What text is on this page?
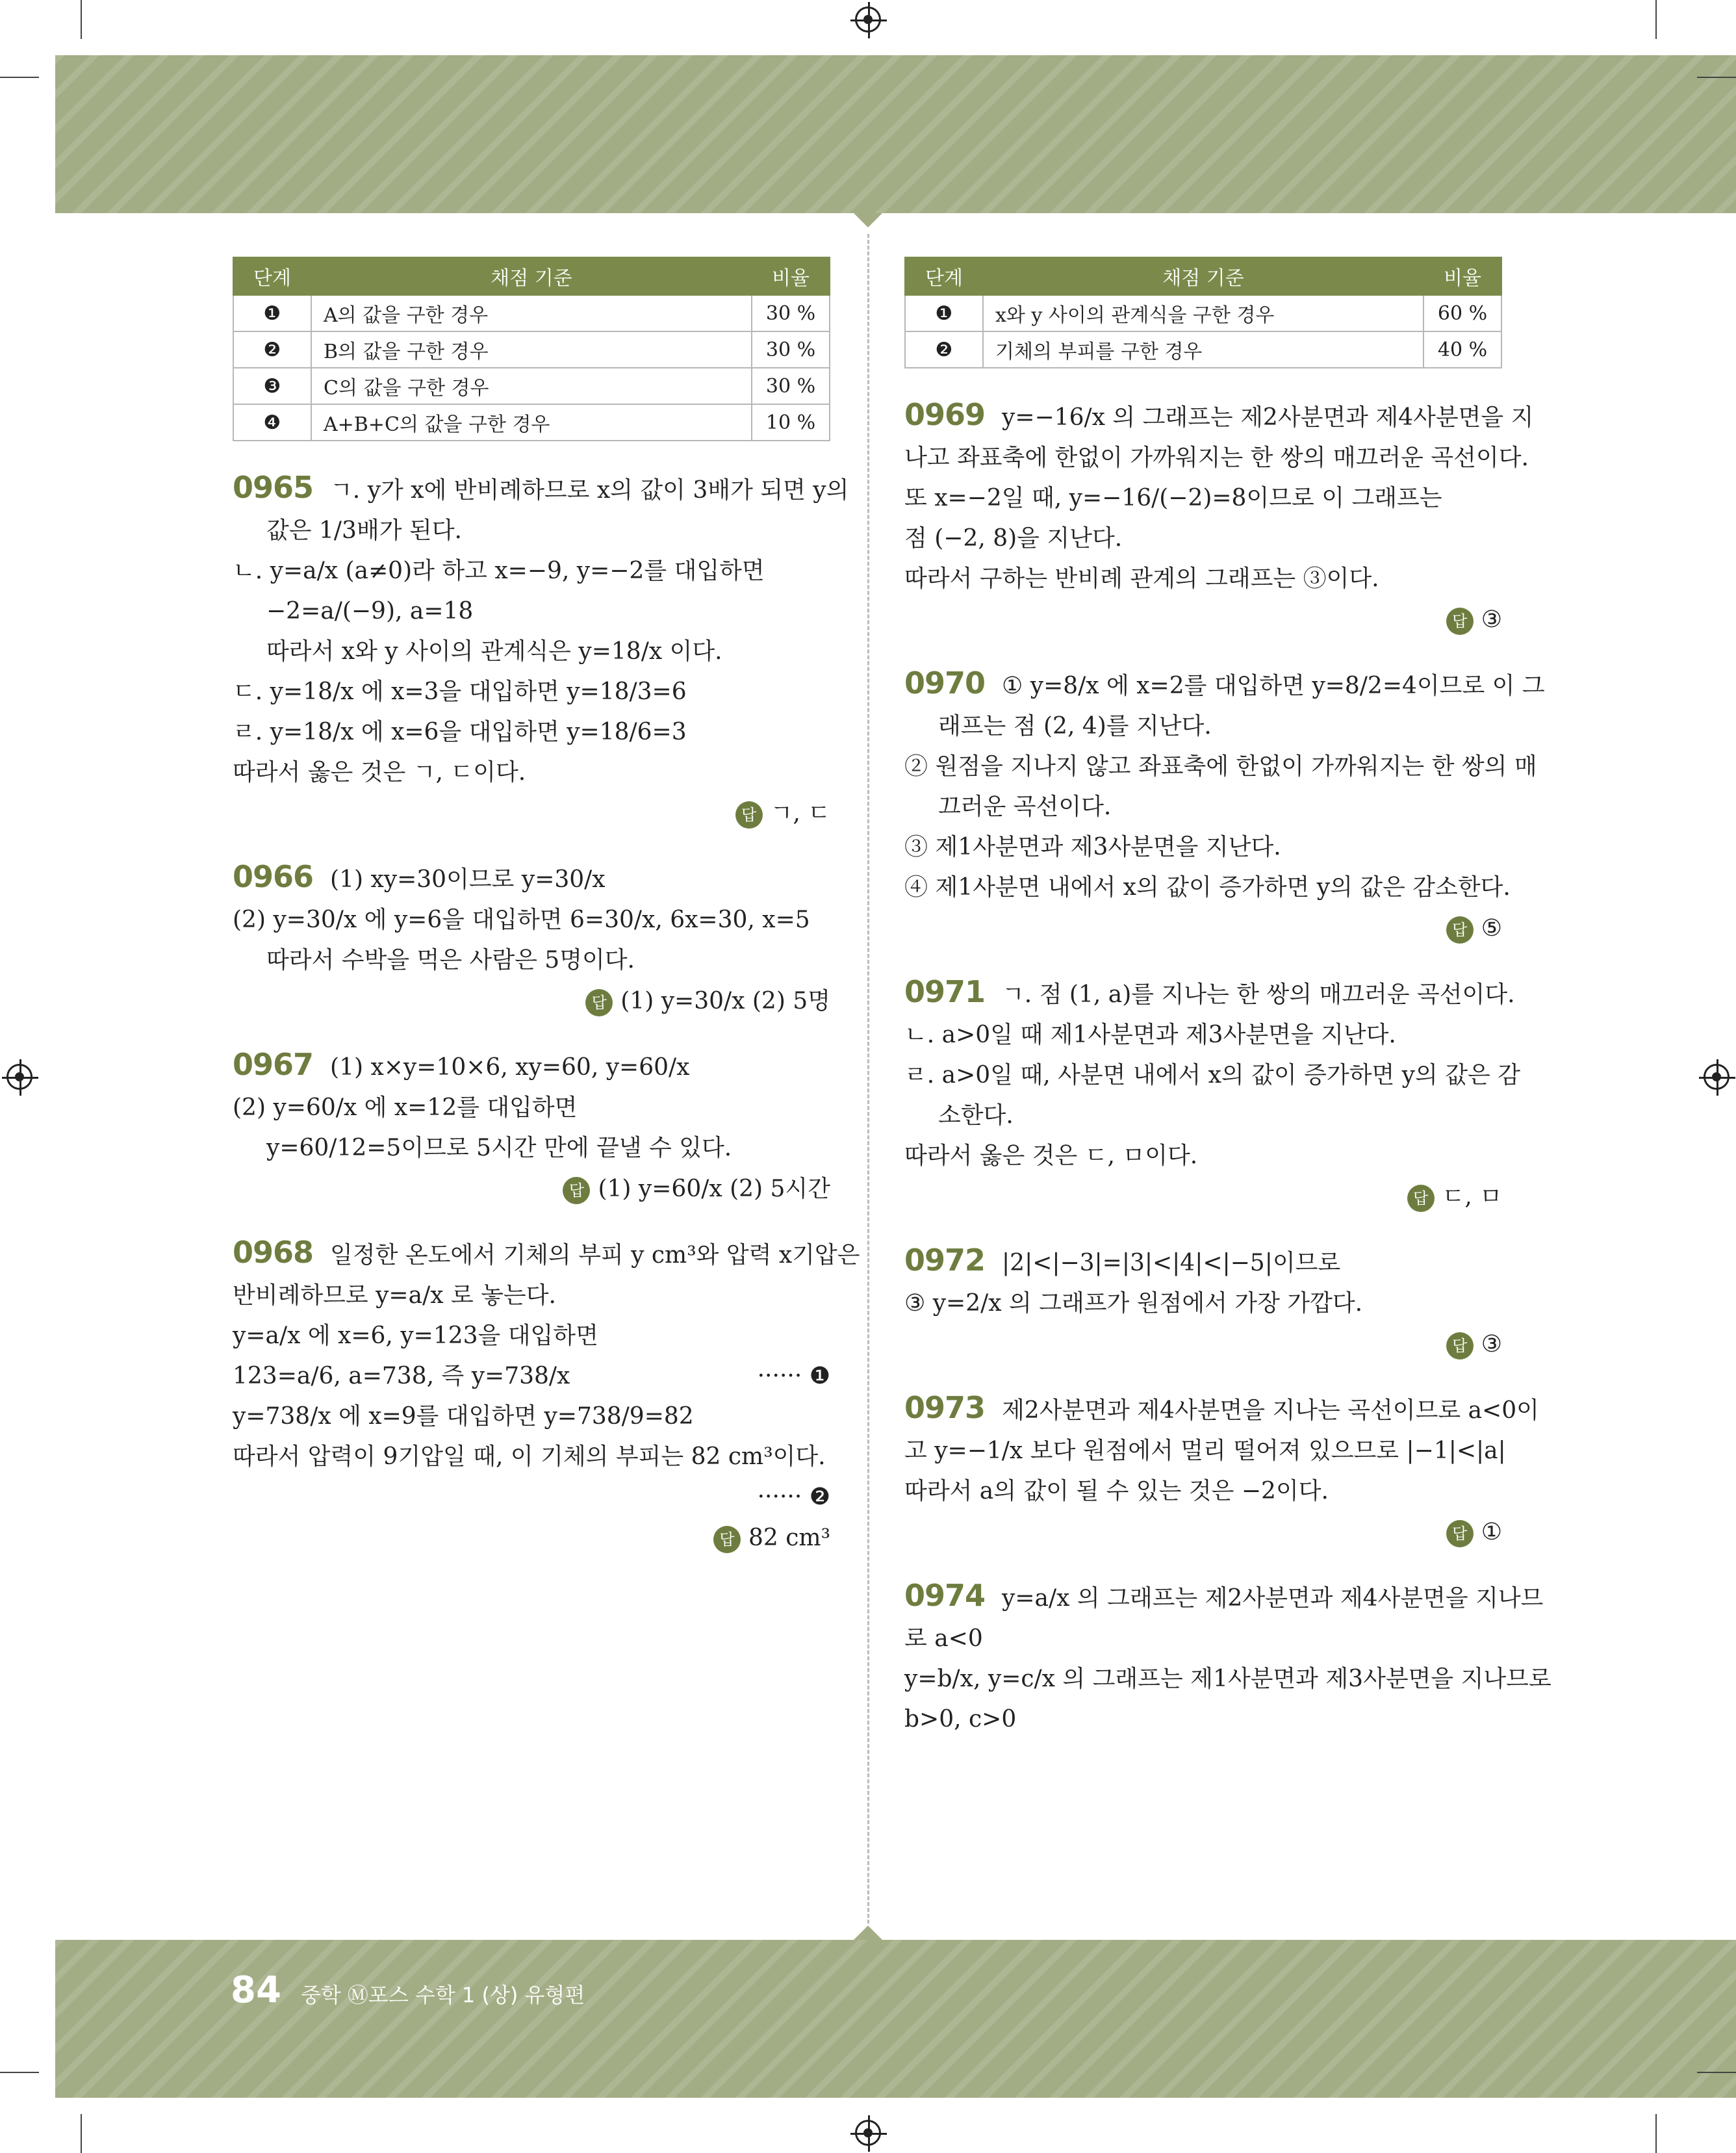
단계	채점 기준	비율
❶	A의 값을 구한 경우	30 %
❷	B의 값을 구한 경우	30 %
❸	C의 값을 구한 경우	30 %
❹	A+B+C의 값을 구한 경우	10 %
0965 ㄱ. y가 x에 반비례하므로 x의 값이 3배가 되면 y의
값은 1/3배가 된다.
ㄴ. y=a/x (a≠0)라 하고 x=−9, y=−2를 대입하면
−2=a/(−9), a=18
따라서 x와 y 사이의 관계식은 y=18/x 이다.
ㄷ. y=18/x 에 x=3을 대입하면 y=18/3=6
ㄹ. y=18/x 에 x=6을 대입하면 y=18/6=3
따라서 옳은 것은 ㄱ, ㄷ이다.
답 ㄱ, ㄷ
0966 (1) xy=30이므로 y=30/x
(2) y=30/x 에 y=6을 대입하면 6=30/x, 6x=30, x=5
따라서 수박을 먹은 사람은 5명이다.
답 (1) y=30/x (2) 5명
0967 (1) x×y=10×6, xy=60, y=60/x
(2) y=60/x 에 x=12를 대입하면
y=60/12=5이므로 5시간 만에 끝낼 수 있다.
답 (1) y=60/x (2) 5시간
0968 일정한 온도에서 기체의 부피 y cm³와 압력 x기압은
반비례하므로 y=a/x 로 놓는다.
y=a/x 에 x=6, y=123을 대입하면
123=a/6, a=738, 즉 y=738/x	······ ❶
y=738/x 에 x=9를 대입하면 y=738/9=82
따라서 압력이 9기압일 때, 이 기체의 부피는 82 cm³이다.
······ ❷
답 82 cm³
단계	채점 기준	비율
❶	x와 y 사이의 관계식을 구한 경우	60 %
❷	기체의 부피를 구한 경우	40 %
0969 y=−16/x 의 그래프는 제2사분면과 제4사분면을 지
나고 좌표축에 한없이 가까워지는 한 쌍의 매끄러운 곡선이다.
또 x=−2일 때, y=−16/(−2)=8이므로 이 그래프는
점 (−2, 8)을 지난다.
따라서 구하는 반비례 관계의 그래프는 ③이다.
답 ③
0970 ① y=8/x 에 x=2를 대입하면 y=8/2=4이므로 이 그
래프는 점 (2, 4)를 지난다.
② 원점을 지나지 않고 좌표축에 한없이 가까워지는 한 쌍의 매
끄러운 곡선이다.
③ 제1사분면과 제3사분면을 지난다.
④ 제1사분면 내에서 x의 값이 증가하면 y의 값은 감소한다.
답 ⑤
0971 ㄱ. 점 (1, a)를 지나는 한 쌍의 매끄러운 곡선이다.
ㄴ. a>0일 때 제1사분면과 제3사분면을 지난다.
ㄹ. a>0일 때, 사분면 내에서 x의 값이 증가하면 y의 값은 감
소한다.
따라서 옳은 것은 ㄷ, ㅁ이다.
답 ㄷ, ㅁ
0972 |2|<|−3|=|3|<|4|<|−5|이므로
③ y=2/x 의 그래프가 원점에서 가장 가깝다.
답 ③
0973 제2사분면과 제4사분면을 지나는 곡선이므로 a<0이
고 y=−1/x 보다 원점에서 멀리 떨어져 있으므로 |−1|<|a|
따라서 a의 값이 될 수 있는 것은 −2이다.
답 ①
0974 y=a/x 의 그래프는 제2사분면과 제4사분면을 지나므
로 a<0
y=b/x, y=c/x 의 그래프는 제1사분면과 제3사분면을 지나므로
b>0, c>0
84 중학 Ⓜ포스 수학 1 (상) 유형편
